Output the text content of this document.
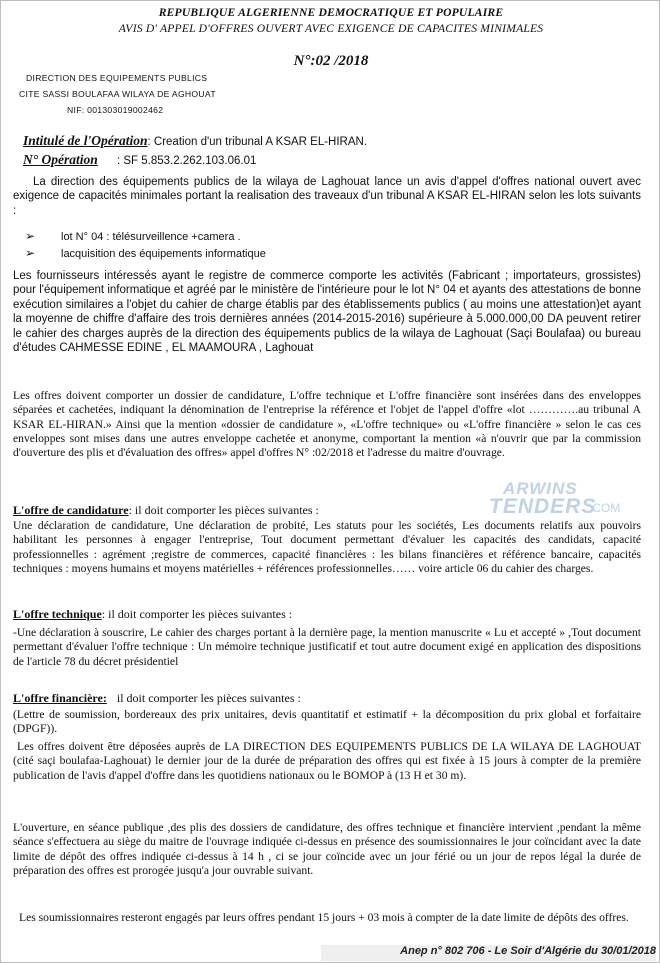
REPUBLIQUE ALGERIENNE DEMOCRATIQUE ET POPULAIRE
AVIS D' APPEL D'OFFRES OUVERT AVEC EXIGENCE DE CAPACITES MINIMALES
N°:02 /2018
DIRECTION DES EQUIPEMENTS PUBLICS
CITE SASSI BOULAFAA WILAYA DE AGHOUAT
NIF: 001303019002462
Intitulé de l'Opération: Creation d'un tribunal A KSAR EL-HIRAN.
N° Opération : SF 5.853.2.262.103.06.01

La direction des équipements publics de la wilaya de Laghouat lance un avis d'appel d'offres national ouvert avec exigence de capacités minimales portant la realisation des traveaux d'un tribunal A KSAR EL-HIRAN selon les lots suivants :

➢ lot N° 04 : télésurveillence +camera .
➢ lacquisition des équipements informatique

Les fournisseurs intéressés ayant le registre de commerce comporte les activités (Fabricant ; importateurs, grossistes) pour l'équipement informatique et agréé par le ministère de l'intérieure pour le lot N° 04 et ayants des attestations de bonne exécution similaires a l'objet du cahier de charge établis par des établissements publics ( au moins une attestation)et ayant la moyenne de chiffre d'affaire des trois dernières années (2014-2015-2016) supérieure à 5.000.000,00 DA peuvent retirer le cahier des charges auprès de la direction des équipements publics de la wilaya de Laghouat (Saçi Boulafaa) ou bureau d'études CAHMESSE EDINE , EL MAAMOURA , Laghouat

Les offres doivent comporter un dossier de candidature, L'offre technique et L'offre financière sont insérées dans des enveloppes séparées et cachetées, indiquant la dénomination de l'entreprise la référence et l'objet de l'appel d'offre «lot ………….au tribunal A KSAR EL-HIRAN.» Ainsi que la mention «dossier de candidature », «L'offre technique» ou «L'offre financière » selon le cas ces enveloppes sont mises dans une autres enveloppe cachetée et anonyme, comportant la mention «à n'ouvrir que par la commission d'ouverture des plis et d'évaluation des offres» appel d'offres N° :02/2018 et l'adresse du maitre d'ouvrage.

L'offre de candidature: il doit comporter les pièces suivantes :

Une déclaration de candidature, Une déclaration de probité, Les statuts pour les sociétés, Les documents relatifs aux pouvoirs habilitant les personnes à engager l'entreprise, Tout document permettant d'évaluer les capacités des candidats, capacité professionnelles : agrément ;registre de commerces, capacité financières : les bilans financières et référence bancaire, capacités techniques : moyens humains et moyens matérielles + références professionnelles…… voire article 06 du cahier des charges.

L'offre technique: il doit comporter les pièces suivantes :

-Une déclaration à souscrire, Le cahier des charges portant à la dernière page, la mention manuscrite « Lu et accepté » ,Tout document permettant d'évaluer l'offre technique : Un mémoire technique justificatif et tout autre document exigé en application des dispositions de l'article 78 du décret présidentiel

L'offre financière: il doit comporter les pièces suivantes :

(Lettre de soumission, bordereaux des prix unitaires, devis quantitatif et estimatif + la décomposition du prix global et forfaitaire (DPGF)).

Les offres doivent être déposées auprès de LA DIRECTION DES EQUIPEMENTS PUBLICS DE LA WILAYA DE LAGHOUAT (cité saçi boulafaa-Laghouat) le dernier jour de la durée de préparation des offres qui est fixée à 15 jours à compter de la première publication de l'avis d'appel d'offre dans les quotidiens nationaux ou le BOMOP à (13 H et 30 m).

L'ouverture, en séance publique ,des plis des dossiers de candidature, des offres technique et financière intervient ,pendant la même séance s'effectuera au siège du maitre de l'ouvrage indiquée ci-dessus en présence des soumissionnaires le jour coïncidant avec la date limite de dépôt des offres indiquée ci-dessus à 14 h , ci se jour coïncide avec un jour férié ou un jour de repos légal la durée de préparation des offres est prorogée jusqu'a jour ouvrable suivant.

Les soumissionnaires resteront engagés par leurs offres pendant 15 jours + 03 mois à compter de la date limite de dépôts des offres.

ARWINS
TENDERS
.COM
Anep n° 802 706 - Le Soir d'Algérie du 30/01/2018
